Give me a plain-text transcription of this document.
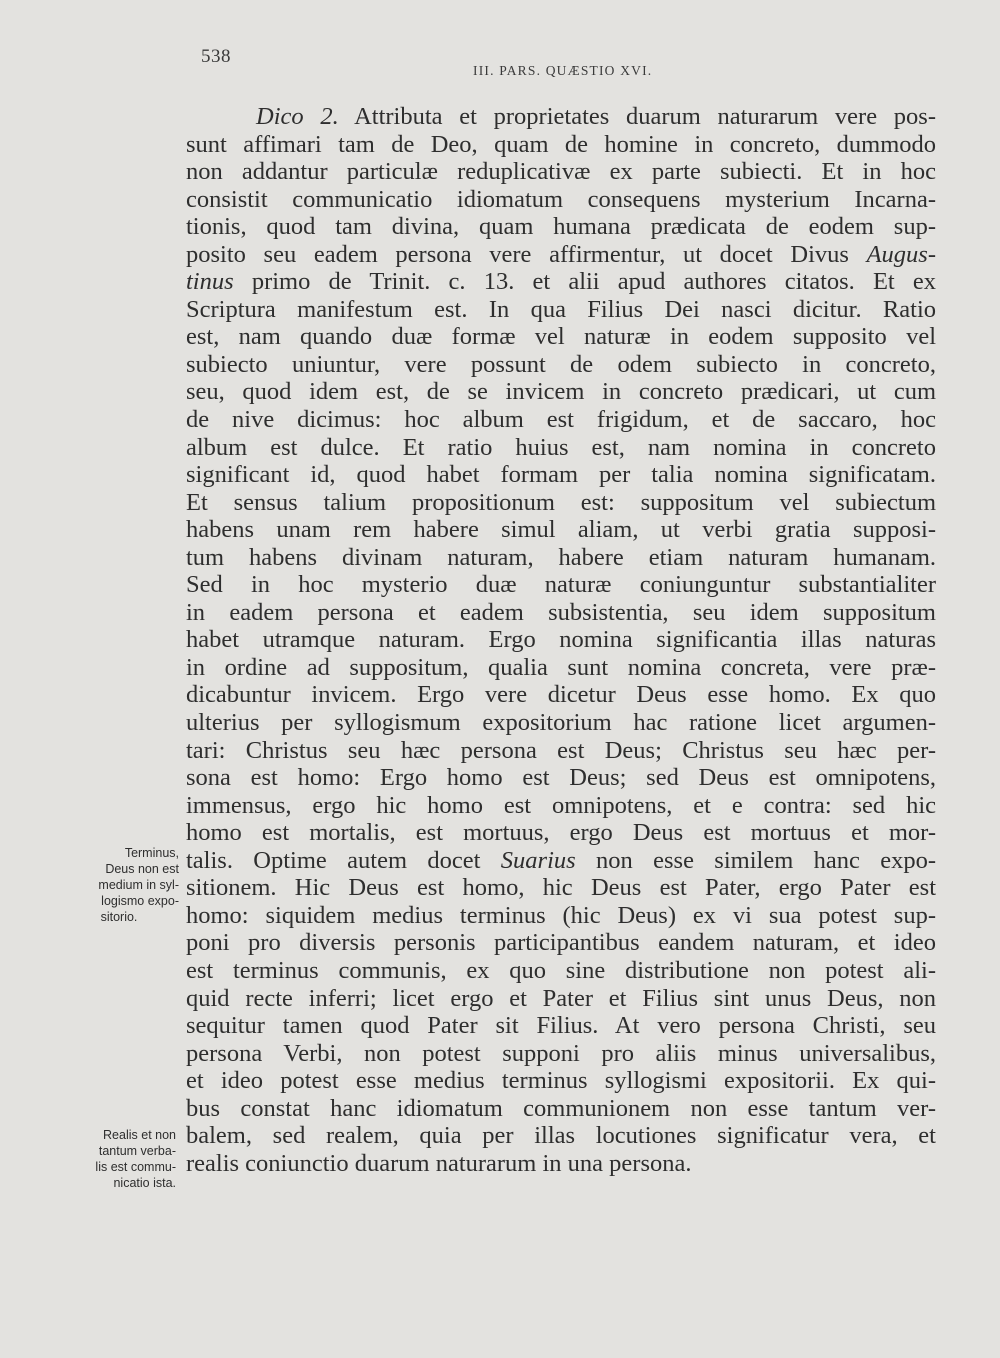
538
III. PARS. QUÆSTIO XVI.
Dico 2. Attributa et proprietates duarum naturarum vere pos-
sunt affimari tam de Deo, quam de homine in concreto, dummodo
non addantur particulæ reduplicativæ ex parte subiecti. Et in hoc
consistit communicatio idiomatum consequens mysterium Incarna-
tionis, quod tam divina, quam humana prædicata de eodem sup-
posito seu eadem persona vere affirmentur, ut docet Divus Augus-
tinus primo de Trinit. c. 13. et alii apud authores citatos. Et ex
Scriptura manifestum est. In qua Filius Dei nasci dicitur. Ratio
est, nam quando duæ formæ vel naturæ in eodem supposito vel
subiecto uniuntur, vere possunt de odem subiecto in concreto,
seu, quod idem est, de se invicem in concreto prædicari, ut cum
de nive dicimus: hoc album est frigidum, et de saccaro, hoc
album est dulce. Et ratio huius est, nam nomina in concreto
significant id, quod habet formam per talia nomina significatam.
Et sensus talium propositionum est: suppositum vel subiectum
habens unam rem habere simul aliam, ut verbi gratia supposi-
tum habens divinam naturam, habere etiam naturam humanam.
Sed in hoc mysterio duæ naturæ coniunguntur substantialiter
in eadem persona et eadem subsistentia, seu idem suppositum
habet utramque naturam. Ergo nomina significantia illas naturas
in ordine ad suppositum, qualia sunt nomina concreta, vere præ-
dicabuntur invicem. Ergo vere dicetur Deus esse homo. Ex quo
ulterius per syllogismum expositorium hac ratione licet argumen-
tari: Christus seu hæc persona est Deus; Christus seu hæc per-
sona est homo: Ergo homo est Deus; sed Deus est omnipotens,
immensus, ergo hic homo est omnipotens, et e contra: sed hic
homo est mortalis, est mortuus, ergo Deus est mortuus et mor-
talis. Optime autem docet Suarius non esse similem hanc expo-
sitionem. Hic Deus est homo, hic Deus est Pater, ergo Pater est
homo: siquidem medius terminus (hic Deus) ex vi sua potest sup-
poni pro diversis personis participantibus eandem naturam, et ideo
est terminus communis, ex quo sine distributione non potest ali-
quid recte inferri; licet ergo et Pater et Filius sint unus Deus, non
sequitur tamen quod Pater sit Filius. At vero persona Christi, seu
persona Verbi, non potest supponi pro aliis minus universalibus,
et ideo potest esse medius terminus syllogismi expositorii. Ex qui-
bus constat hanc idiomatum communionem non esse tantum ver-
balem, sed realem, quia per illas locutiones significatur vera, et
realis coniunctio duarum naturarum in una persona.
Terminus,
Deus non est
medium in syl-
logismo expo-
sitorio.
Realis et non
tantum verba-
lis est commu-
nicatio ista.
